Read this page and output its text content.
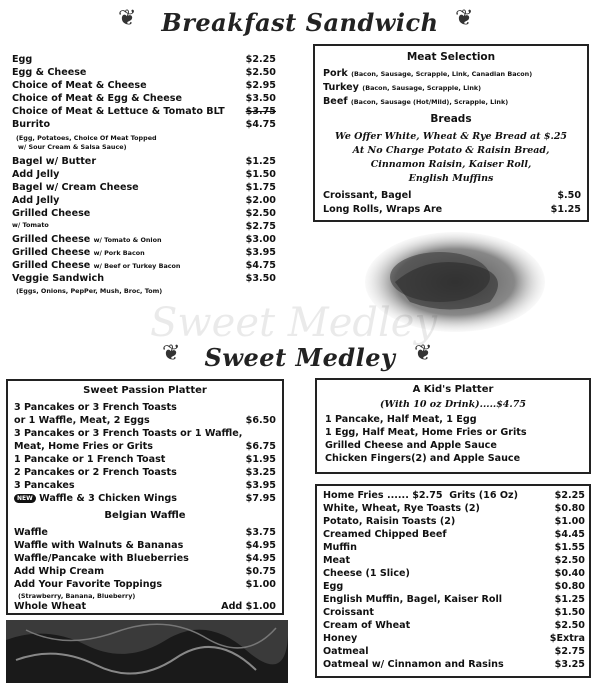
❦	Breakfast Sandwich ❦
Egg	$2.25
Egg & Cheese	$2.50
Choice of Meat & Cheese	$2.95
Choice of Meat & Egg & Cheese	$3.50
Choice of Meat & Lettuce & Tomato BLT $3.75
Burrito	$4.75
(Egg, Potatoes, Choice Of Meat Topped
w/ Sour Cream & Salsa Sauce)
Bagel w/ Butter	$1.25
Add Jelly	$1.50
Bagel w/ Cream Cheese	$1.75
Add Jelly	$2.00
Grilled Cheese	$2.50
w/ Tomato	$2.75
Grilled Cheese w/ Tomato & Onion	$3.00
Grilled Cheese w/ Pork Bacon	$3.95
Grilled Cheese w/ Beef or Turkey Bacon	$4.75
Veggie Sandwich	$3.50
(Eggs, Onions, PepPer, Mush, Broc, Tom)
Meat Selection
Pork (Bacon, Sausage, Scrapple, Link, Canadian Bacon)
Turkey (Bacon, Sausage, Scrapple, Link)
Beef (Bacon, Sausage (Hot/Mild), Scrapple, Link)
Breads
We Offer White, Wheat & Rye Bread at $.25
At No Charge Potato & Raisin Bread,
Cinnamon Raisin, Kaiser Roll,
English Muffins
Croissant, Bagel	$.50
Long Rolls, Wraps Are	$1.25
Sweet Medley
❦	Sweet Medley ❦
Sweet Passion Platter
3 Pancakes or 3 French Toasts
or 1 Waffle, Meat, 2 Eggs	$6.50
3 Pancakes or 3 French Toasts or 1 Waffle,
Meat, Home Fries or Grits	$6.75
1 Pancake or 1 French Toast	$1.95
2 Pancakes or 2 French Toasts	$3.25
3 Pancakes	$3.95
NEW Waffle & 3 Chicken Wings	$7.95
Belgian Waffle
Waffle	$3.75
Waffle with Walnuts & Bananas	$4.95
Waffle/Pancake with Blueberries	$4.95
Add Whip Cream	$0.75
Add Your Favorite Toppings	$1.00
(Strawberry, Banana, Blueberry)
Whole Wheat	Add $1.00
A Kid's Platter
(With 10 oz Drink).....$4.75
1 Pancake, Half Meat, 1 Egg
1 Egg, Half Meat, Home Fries or Grits
Grilled Cheese and Apple Sauce
Chicken Fingers(2) and Apple Sauce
Home Fries ...... $2.75 Grits (16 Oz)	$2.25
White, Wheat, Rye Toasts (2)	$0.80
Potato, Raisin Toasts (2)	$1.00
Creamed Chipped Beef	$4.45
Muffin	$1.55
Meat	$2.50
Cheese (1 Slice)	$0.40
Egg	$0.80
English Muffin, Bagel, Kaiser Roll	$1.25
Croissant	$1.50
Cream of Wheat	$2.50
Honey	$Extra
Oatmeal	$2.75
Oatmeal w/ Cinnamon and Rasins	$3.25
